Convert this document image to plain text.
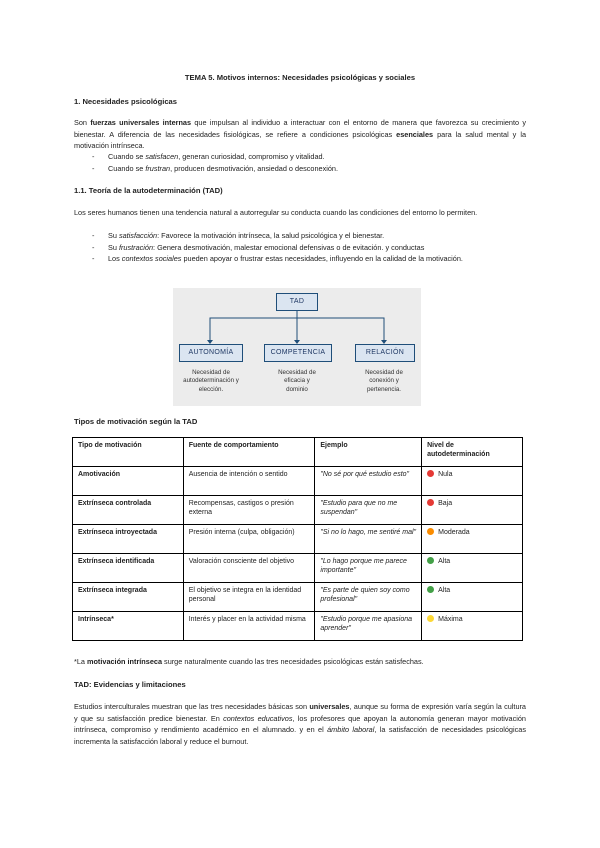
TEMA 5. Motivos internos: Necesidades psicológicas y sociales
1. Necesidades psicológicas
Son fuerzas universales internas que impulsan al individuo a interactuar con el entorno de manera que favorezca su crecimiento y bienestar. A diferencia de las necesidades fisiológicas, se refiere a condiciones psicológicas esenciales para la salud mental y la motivación intrínseca.
- Cuando se satisfacen, generan curiosidad, compromiso y vitalidad.
- Cuando se frustran, producen desmotivación, ansiedad o desconexión.
1.1. Teoría de la autodeterminación (TAD)
Los seres humanos tienen una tendencia natural a autorregular su conducta cuando las condiciones del entorno lo permiten.
- Su satisfacción: Favorece la motivación intrínseca, la salud psicológica y el bienestar.
- Su frustración: Genera desmotivación, malestar emocional defensivas o de evitación. y conductas
- Los contextos sociales pueden apoyar o frustrar estas necesidades, influyendo en la calidad de la motivación.
TAD
AUTONOMÍA	COMPETENCIA	RELACIÓN
Necesidad de
autodeterminación y
elección.
Necesidad de
eficacia y
dominio
Necesidad de
conexión y
pertenencia.
Tipos de motivación según la TAD
Tipo de motivación	Fuente de comportamiento	Ejemplo	Nivel de autodeterminación
Amotivación	Ausencia de intención o sentido	"No sé por qué estudio esto"	Nula
Extrínseca controlada	Recompensas, castigos o presión externa	"Estudio para que no me suspendan"	Baja
Extrínseca introyectada	Presión interna (culpa, obligación)	"Si no lo hago, me sentiré mal"	Moderada
Extrínseca identificada	Valoración consciente del objetivo	"Lo hago porque me parece importante"	Alta
Extrínseca integrada	El objetivo se integra en la identidad personal	"Es parte de quien soy como profesional"	Alta
Intrínseca*	Interés y placer en la actividad misma	"Estudio porque me apasiona aprender"	Máxima
*La motivación intrínseca surge naturalmente cuando las tres necesidades psicológicas están satisfechas.
TAD: Evidencias y limitaciones
Estudios interculturales muestran que las tres necesidades básicas son universales, aunque su forma de expresión varía según la cultura y que su satisfacción predice bienestar. En contextos educativos, los profesores que apoyan la autonomía generan mayor motivación intrínseca, compromiso y rendimiento académico en el alumnado. y en el ámbito laboral, la satisfacción de necesidades psicológicas incrementa la satisfacción laboral y reduce el burnout.
